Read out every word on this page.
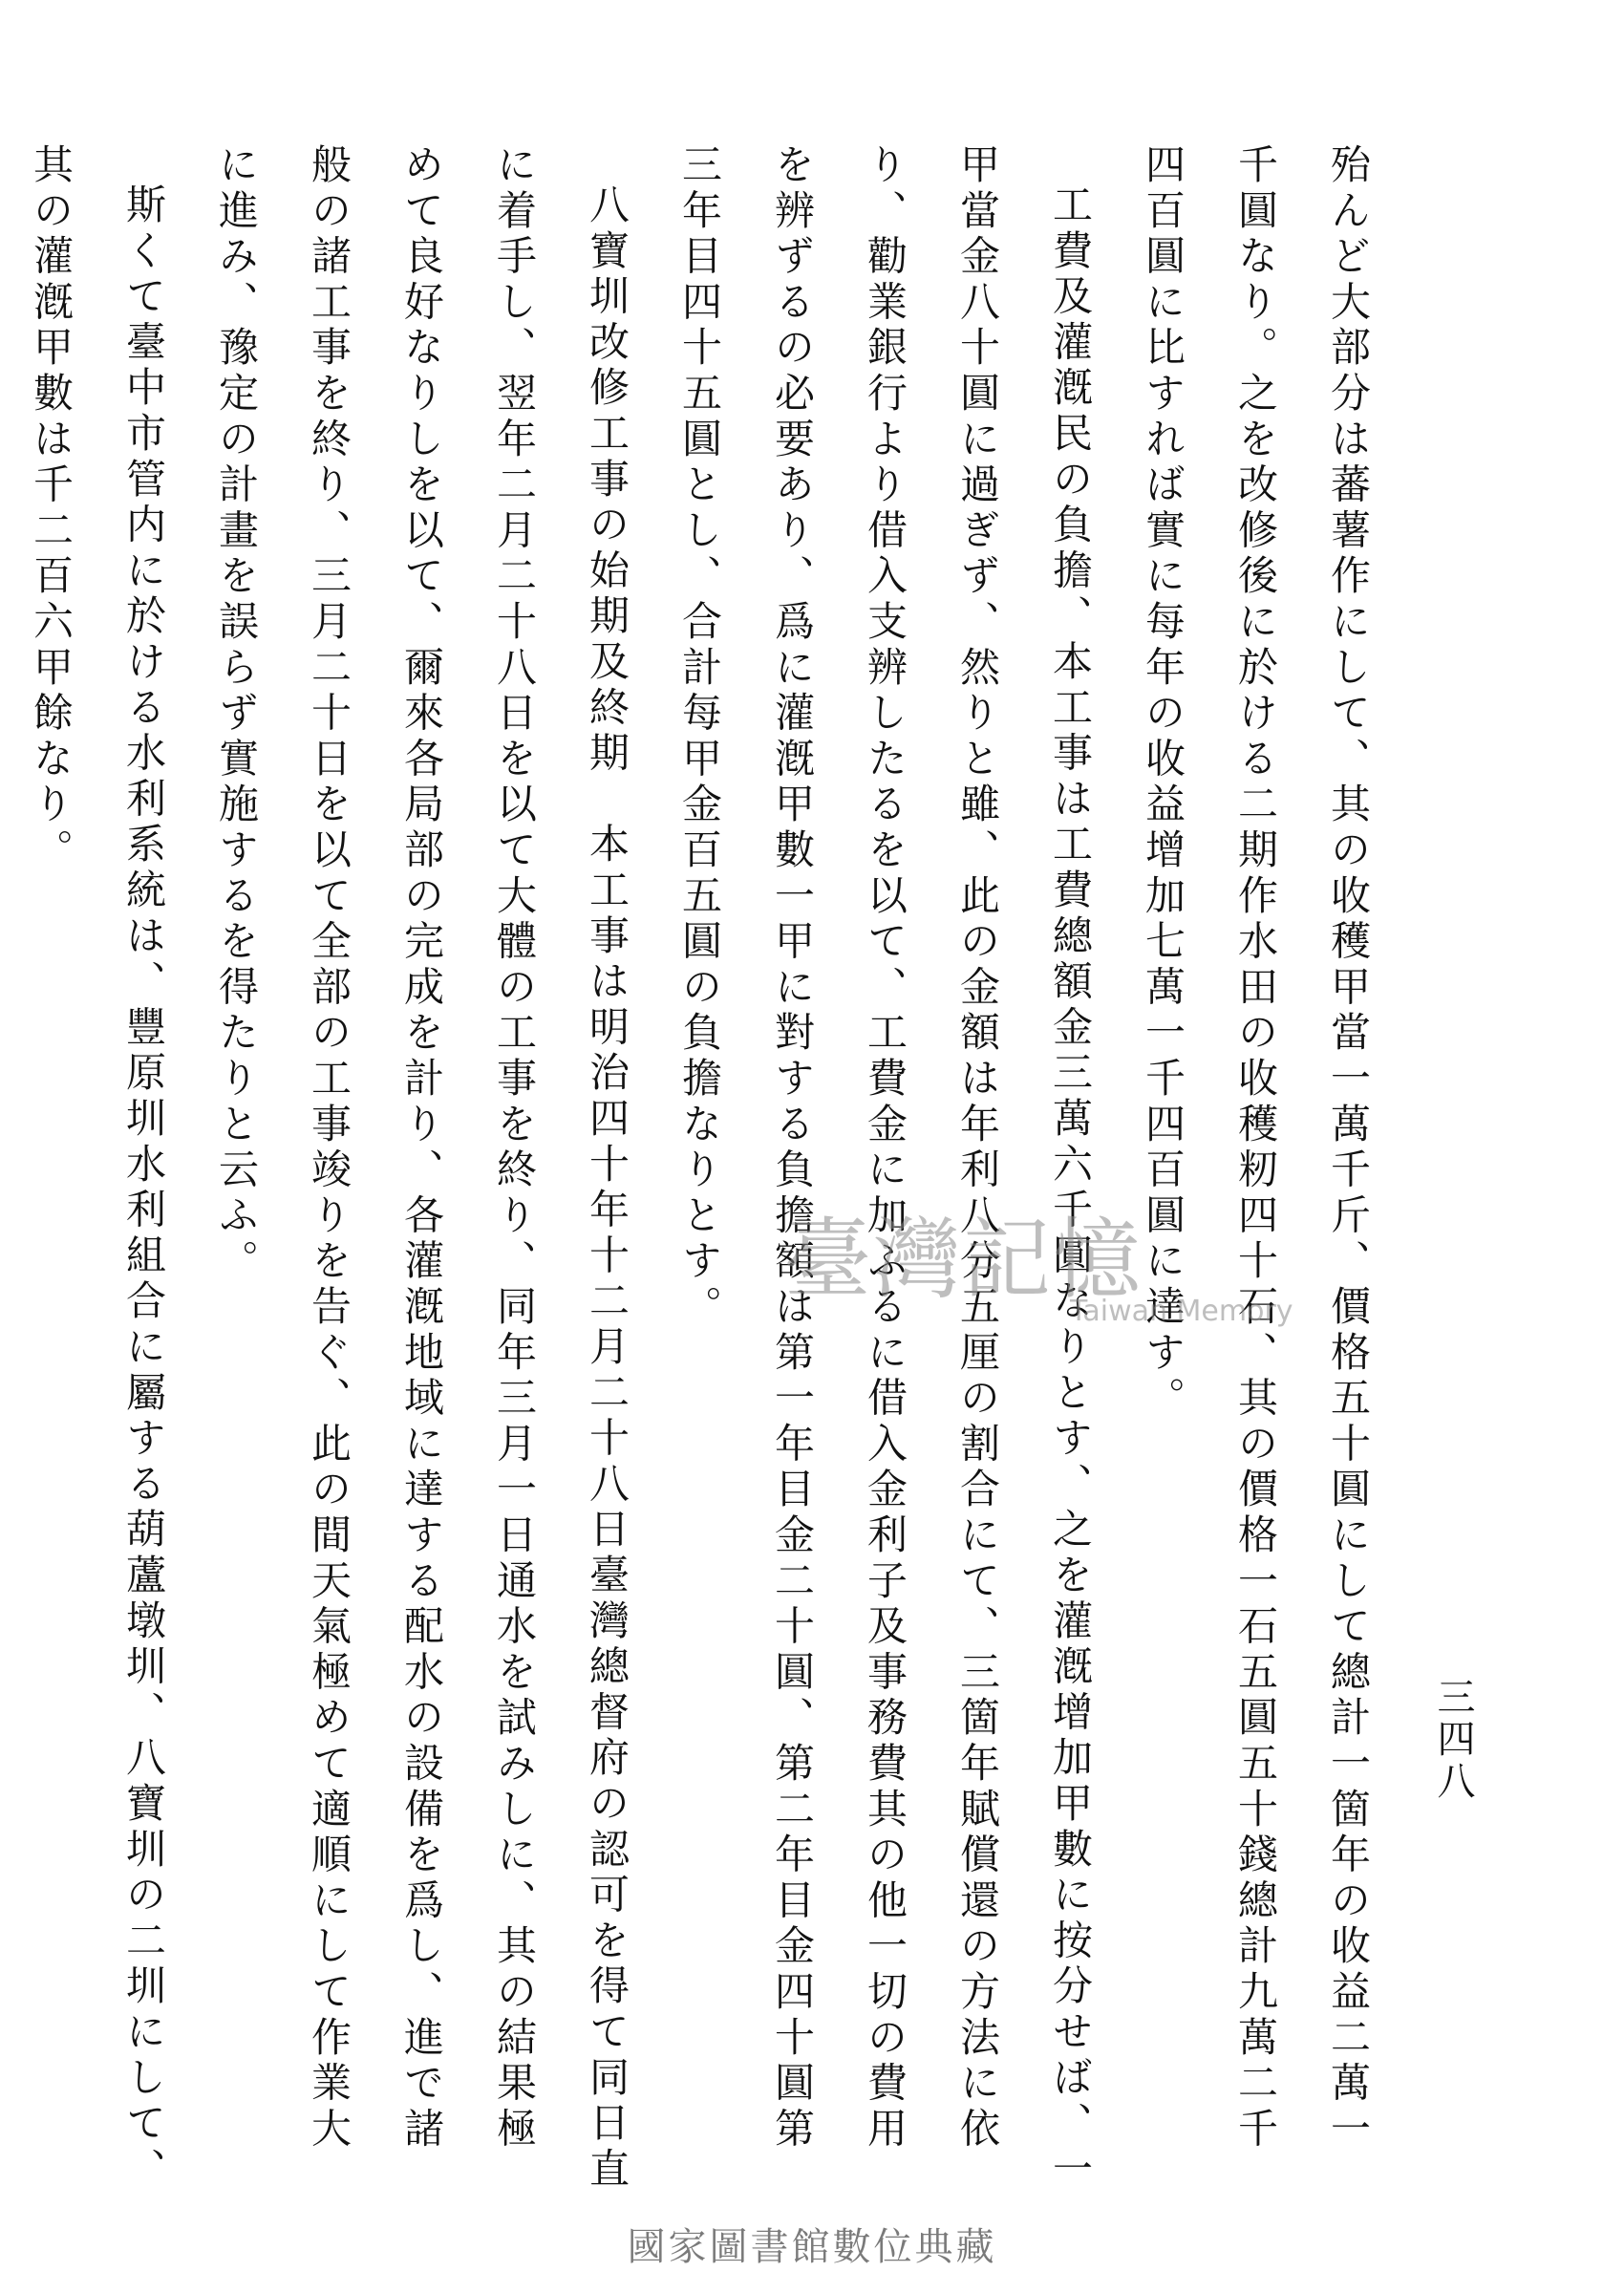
三四八

殆んど大部分は蕃薯作にして、其の收穫甲當一萬千斤、價格五十圓にして總計一箇年の收益二萬一千圓なり。之を改修後に於ける二期作水田の收穫籾四十石、其の價格一石五圓五十錢總計九萬二千四百圓に比すれば實に每年の收益增加七萬一千四百圓に達す。

工費及灌漑民の負擔、本工事は工費總額金三萬六千圓なりとす、之を灌漑增加甲數に按分せば、一甲當金八十圓に過ぎず、然りと雖、此の金額は年利八分五厘の割合にて、三箇年賦償還の方法に依り、勸業銀行より借入支辨したるを以て、工費金に加ふるに借入金利子及事務費其の他一切の費用を辨ずるの必要あり、爲に灌漑甲數一甲に對する負擔額は第一年目金二十圓、第二年目金四十圓第三年目四十五圓とし、合計每甲金百五圓の負擔なりとす。

八寶圳改修工事の始期及終期　本工事は明治四十年十二月二十八日臺灣總督府の認可を得て同日直に着手し、翌年二月二十八日を以て大體の工事を終り、同年三月一日通水を試みしに、其の結果極めて良好なりしを以て、爾來各局部の完成を計り、各灌漑地域に達する配水の設備を爲し、進で諸般の諸工事を終り、三月二十日を以て全部の工事竣りを告ぐ、此の間天氣極めて適順にして作業大に進み、豫定の計畫を誤らず實施するを得たりと云ふ。

斯くて臺中市管内に於ける水利系統は、豐原圳水利組合に屬する葫蘆墩圳、八寶圳の二圳にして、其の灌漑甲數は千二百六甲餘なり。

臺灣記憶
Taiwan Memory
國家圖書館數位典藏
